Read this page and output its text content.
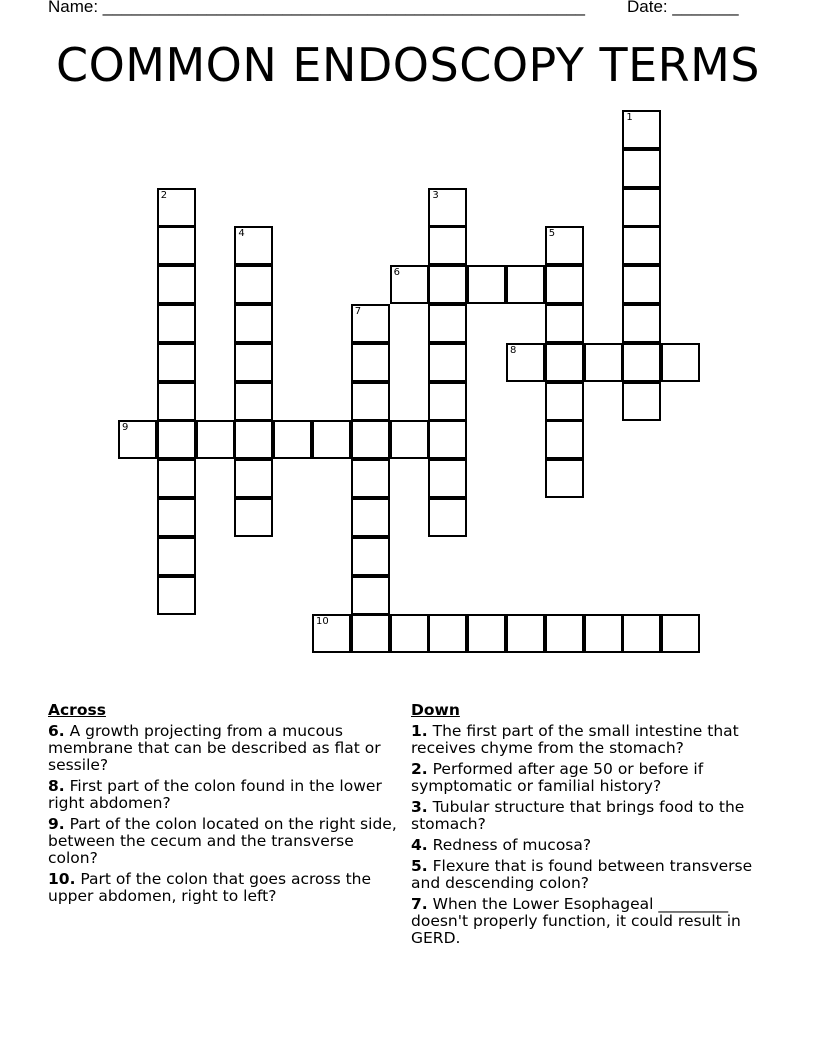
Name: ___________________________________________________ Date: _______
COMMON ENDOSCOPY TERMS
1
2	3
4	5
6
7
8
9
10
Across
6. A growth projecting from a mucous membrane that can be described as flat or sessile?
8. First part of the colon found in the lower right abdomen?
9. Part of the colon located on the right side, between the cecum and the transverse colon?
10. Part of the colon that goes across the upper abdomen, right to left?
Down
1. The first part of the small intestine that receives chyme from the stomach?
2. Performed after age 50 or before if symptomatic or familial history?
3. Tubular structure that brings food to the stomach?
4. Redness of mucosa?
5. Flexure that is found between transverse and descending colon?
7. When the Lower Esophageal _________ doesn't properly function, it could result in GERD.
